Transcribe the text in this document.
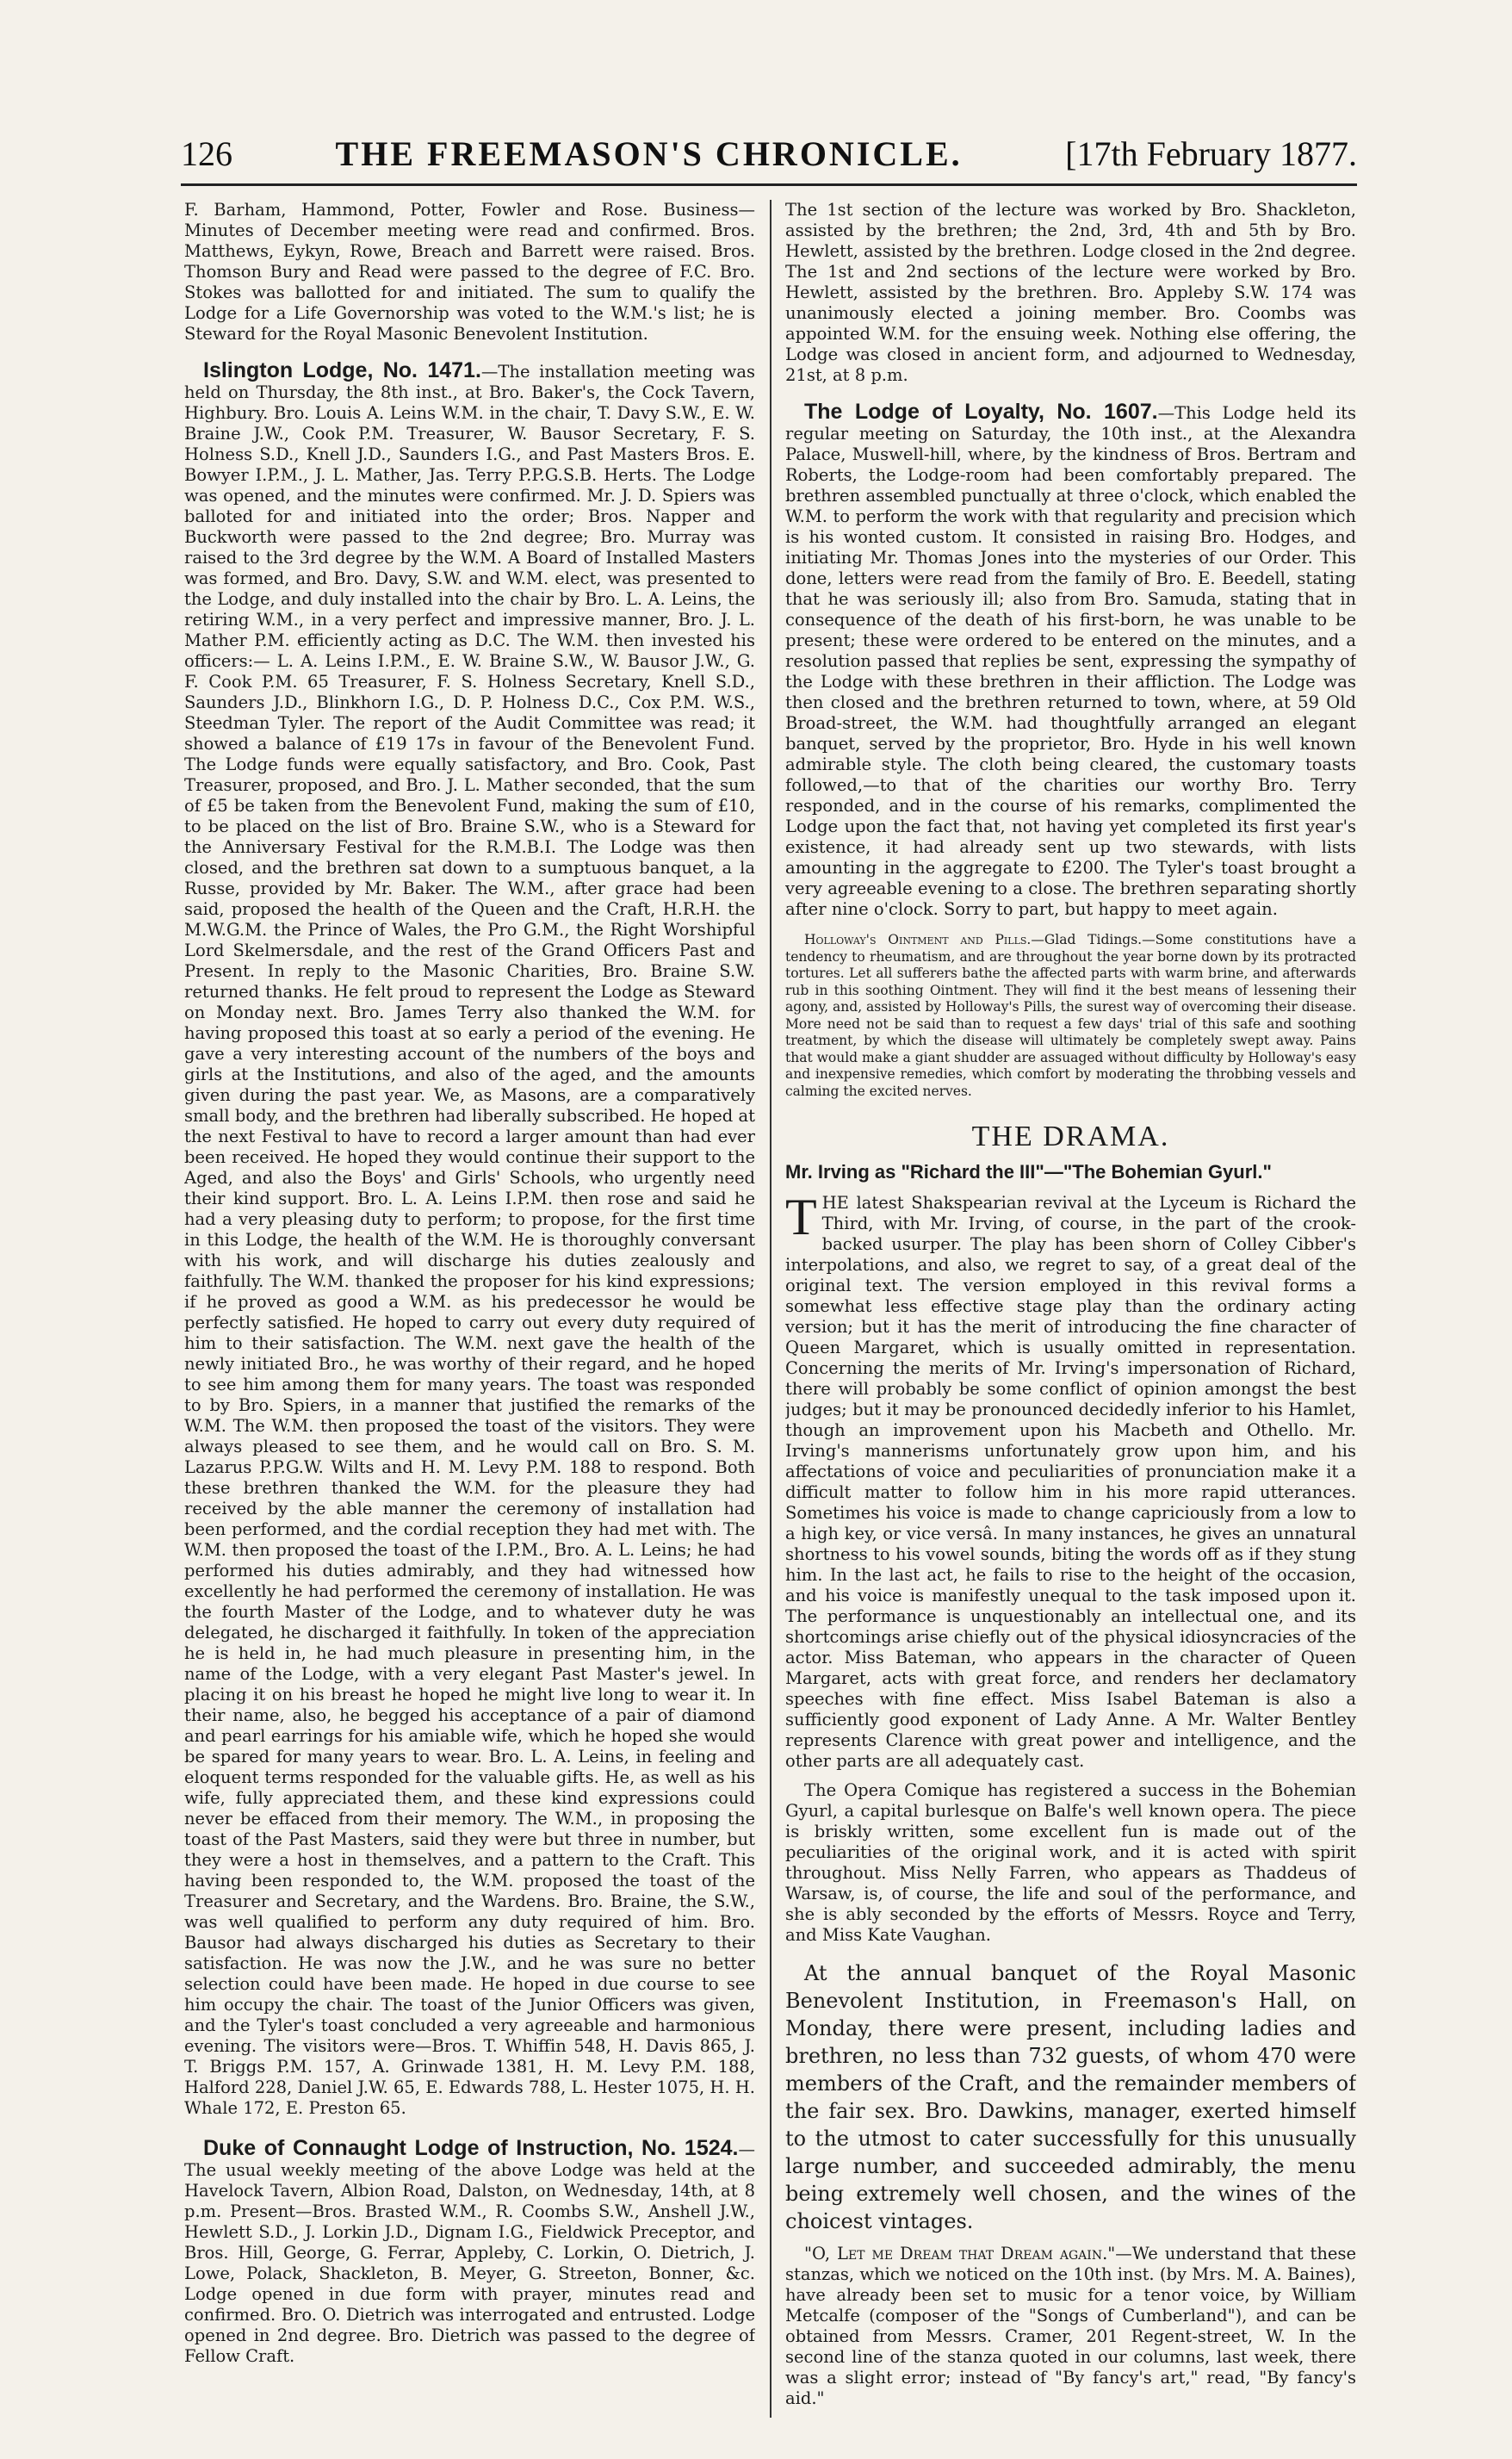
126	THE FREEMASON'S CHRONICLE.	[17th February 1877.

F. Barham, Hammond, Potter, Fowler and Rose. Business—Minutes of December meeting were read and confirmed. Bros. Matthews, Eykyn, Rowe, Breach and Barrett were raised. Bros. Thomson Bury and Read were passed to the degree of F.C. Bro. Stokes was ballotted for and initiated. The sum to qualify the Lodge for a Life Governorship was voted to the W.M.'s list; he is Steward for the Royal Masonic Benevolent Institution.

Islington Lodge, No. 1471.—The installation meeting was held on Thursday, the 8th inst., at Bro. Baker's, the Cock Tavern, Highbury. Bro. Louis A. Leins W.M. in the chair, T. Davy S.W., E. W. Braine J.W., Cook P.M. Treasurer, W. Bausor Secretary, F. S. Holness S.D., Knell J.D., Saunders I.G., and Past Masters Bros. E. Bowyer I.P.M., J. L. Mather, Jas. Terry P.P.G.S.B. Herts. The Lodge was opened, and the minutes were confirmed. Mr. J. D. Spiers was balloted for and initiated into the order; Bros. Napper and Buckworth were passed to the 2nd degree; Bro. Murray was raised to the 3rd degree by the W.M. A Board of Installed Masters was formed, and Bro. Davy, S.W. and W.M. elect, was presented to the Lodge, and duly installed into the chair by Bro. L. A. Leins, the retiring W.M., in a very perfect and impressive manner, Bro. J. L. Mather P.M. efficiently acting as D.C. The W.M. then invested his officers:— L. A. Leins I.P.M., E. W. Braine S.W., W. Bausor J.W., G. F. Cook P.M. 65 Treasurer, F. S. Holness Secretary, Knell S.D., Saunders J.D., Blinkhorn I.G., D. P. Holness D.C., Cox P.M. W.S., Steedman Tyler. The report of the Audit Committee was read; it showed a balance of £19 17s in favour of the Benevolent Fund. The Lodge funds were equally satisfactory, and Bro. Cook, Past Treasurer, proposed, and Bro. J. L. Mather seconded, that the sum of £5 be taken from the Benevolent Fund, making the sum of £10, to be placed on the list of Bro. Braine S.W., who is a Steward for the Anniversary Festival for the R.M.B.I. The Lodge was then closed, and the brethren sat down to a sumptuous banquet, a la Russe, provided by Mr. Baker. The W.M., after grace had been said, proposed the health of the Queen and the Craft, H.R.H. the M.W.G.M. the Prince of Wales, the Pro G.M., the Right Worshipful Lord Skelmersdale, and the rest of the Grand Officers Past and Present. In reply to the Masonic Charities, Bro. Braine S.W. returned thanks. He felt proud to represent the Lodge as Steward on Monday next. Bro. James Terry also thanked the W.M. for having proposed this toast at so early a period of the evening. He gave a very interesting account of the numbers of the boys and girls at the Institutions, and also of the aged, and the amounts given during the past year. We, as Masons, are a comparatively small body, and the brethren had liberally subscribed. He hoped at the next Festival to have to record a larger amount than had ever been received. He hoped they would continue their support to the Aged, and also the Boys' and Girls' Schools, who urgently need their kind support. Bro. L. A. Leins I.P.M. then rose and said he had a very pleasing duty to perform; to propose, for the first time in this Lodge, the health of the W.M. He is thoroughly conversant with his work, and will discharge his duties zealously and faithfully. The W.M. thanked the proposer for his kind expressions; if he proved as good a W.M. as his predecessor he would be perfectly satisfied. He hoped to carry out every duty required of him to their satisfaction. The W.M. next gave the health of the newly initiated Bro., he was worthy of their regard, and he hoped to see him among them for many years. The toast was responded to by Bro. Spiers, in a manner that justified the remarks of the W.M. The W.M. then proposed the toast of the visitors. They were always pleased to see them, and he would call on Bro. S. M. Lazarus P.P.G.W. Wilts and H. M. Levy P.M. 188 to respond. Both these brethren thanked the W.M. for the pleasure they had received by the able manner the ceremony of installation had been performed, and the cordial reception they had met with. The W.M. then proposed the toast of the I.P.M., Bro. A. L. Leins; he had performed his duties admirably, and they had witnessed how excellently he had performed the ceremony of installation. He was the fourth Master of the Lodge, and to whatever duty he was delegated, he discharged it faithfully. In token of the appreciation he is held in, he had much pleasure in presenting him, in the name of the Lodge, with a very elegant Past Master's jewel. In placing it on his breast he hoped he might live long to wear it. In their name, also, he begged his acceptance of a pair of diamond and pearl earrings for his amiable wife, which he hoped she would be spared for many years to wear. Bro. L. A. Leins, in feeling and eloquent terms responded for the valuable gifts. He, as well as his wife, fully appreciated them, and these kind expressions could never be effaced from their memory. The W.M., in proposing the toast of the Past Masters, said they were but three in number, but they were a host in themselves, and a pattern to the Craft. This having been responded to, the W.M. proposed the toast of the Treasurer and Secretary, and the Wardens. Bro. Braine, the S.W., was well qualified to perform any duty required of him. Bro. Bausor had always discharged his duties as Secretary to their satisfaction. He was now the J.W., and he was sure no better selection could have been made. He hoped in due course to see him occupy the chair. The toast of the Junior Officers was given, and the Tyler's toast concluded a very agreeable and harmonious evening. The visitors were—Bros. T. Whiffin 548, H. Davis 865, J. T. Briggs P.M. 157, A. Grinwade 1381, H. M. Levy P.M. 188, Halford 228, Daniel J.W. 65, E. Edwards 788, L. Hester 1075, H. H. Whale 172, E. Preston 65.

Duke of Connaught Lodge of Instruction, No. 1524.—The usual weekly meeting of the above Lodge was held at the Havelock Tavern, Albion Road, Dalston, on Wednesday, 14th, at 8 p.m. Present—Bros. Brasted W.M., R. Coombs S.W., Anshell J.W., Hewlett S.D., J. Lorkin J.D., Dignam I.G., Fieldwick Preceptor, and Bros. Hill, George, G. Ferrar, Appleby, C. Lorkin, O. Dietrich, J. Lowe, Polack, Shackleton, B. Meyer, G. Streeton, Bonner, &c. Lodge opened in due form with prayer, minutes read and confirmed. Bro. O. Dietrich was interrogated and entrusted. Lodge opened in 2nd degree. Bro. Dietrich was passed to the degree of Fellow Craft.

The 1st section of the lecture was worked by Bro. Shackleton, assisted by the brethren; the 2nd, 3rd, 4th and 5th by Bro. Hewlett, assisted by the brethren. Lodge closed in the 2nd degree. The 1st and 2nd sections of the lecture were worked by Bro. Hewlett, assisted by the brethren. Bro. Appleby S.W. 174 was unanimously elected a joining member. Bro. Coombs was appointed W.M. for the ensuing week. Nothing else offering, the Lodge was closed in ancient form, and adjourned to Wednesday, 21st, at 8 p.m.

The Lodge of Loyalty, No. 1607.—This Lodge held its regular meeting on Saturday, the 10th inst., at the Alexandra Palace, Muswell-hill, where, by the kindness of Bros. Bertram and Roberts, the Lodge-room had been comfortably prepared. The brethren assembled punctually at three o'clock, which enabled the W.M. to perform the work with that regularity and precision which is his wonted custom. It consisted in raising Bro. Hodges, and initiating Mr. Thomas Jones into the mysteries of our Order. This done, letters were read from the family of Bro. E. Beedell, stating that he was seriously ill; also from Bro. Samuda, stating that in consequence of the death of his first-born, he was unable to be present; these were ordered to be entered on the minutes, and a resolution passed that replies be sent, expressing the sympathy of the Lodge with these brethren in their affliction. The Lodge was then closed and the brethren returned to town, where, at 59 Old Broad-street, the W.M. had thoughtfully arranged an elegant banquet, served by the proprietor, Bro. Hyde in his well known admirable style. The cloth being cleared, the customary toasts followed,—to that of the charities our worthy Bro. Terry responded, and in the course of his remarks, complimented the Lodge upon the fact that, not having yet completed its first year's existence, it had already sent up two stewards, with lists amounting in the aggregate to £200. The Tyler's toast brought a very agreeable evening to a close. The brethren separating shortly after nine o'clock. Sorry to part, but happy to meet again.

Holloway's Ointment and Pills.—Glad Tidings.—Some constitutions have a tendency to rheumatism, and are throughout the year borne down by its protracted tortures. Let all sufferers bathe the affected parts with warm brine, and afterwards rub in this soothing Ointment. They will find it the best means of lessening their agony, and, assisted by Holloway's Pills, the surest way of overcoming their disease. More need not be said than to request a few days' trial of this safe and soothing treatment, by which the disease will ultimately be completely swept away. Pains that would make a giant shudder are assuaged without difficulty by Holloway's easy and inexpensive remedies, which comfort by moderating the throbbing vessels and calming the excited nerves.

THE DRAMA.
Mr. Irving as "Richard the III"—"The Bohemian Gyurl."

THE latest Shakspearian revival at the Lyceum is Richard the Third, with Mr. Irving, of course, in the part of the crook-backed usurper. The play has been shorn of Colley Cibber's interpolations, and also, we regret to say, of a great deal of the original text. The version employed in this revival forms a somewhat less effective stage play than the ordinary acting version; but it has the merit of introducing the fine character of Queen Margaret, which is usually omitted in representation. Concerning the merits of Mr. Irving's impersonation of Richard, there will probably be some conflict of opinion amongst the best judges; but it may be pronounced decidedly inferior to his Hamlet, though an improvement upon his Macbeth and Othello. Mr. Irving's mannerisms unfortunately grow upon him, and his affectations of voice and peculiarities of pronunciation make it a difficult matter to follow him in his more rapid utterances. Sometimes his voice is made to change capriciously from a low to a high key, or vice versâ. In many instances, he gives an unnatural shortness to his vowel sounds, biting the words off as if they stung him. In the last act, he fails to rise to the height of the occasion, and his voice is manifestly unequal to the task imposed upon it. The performance is unquestionably an intellectual one, and its shortcomings arise chiefly out of the physical idiosyncracies of the actor. Miss Bateman, who appears in the character of Queen Margaret, acts with great force, and renders her declamatory speeches with fine effect. Miss Isabel Bateman is also a sufficiently good exponent of Lady Anne. A Mr. Walter Bentley represents Clarence with great power and intelligence, and the other parts are all adequately cast.

The Opera Comique has registered a success in the Bohemian Gyurl, a capital burlesque on Balfe's well known opera. The piece is briskly written, some excellent fun is made out of the peculiarities of the original work, and it is acted with spirit throughout. Miss Nelly Farren, who appears as Thaddeus of Warsaw, is, of course, the life and soul of the performance, and she is ably seconded by the efforts of Messrs. Royce and Terry, and Miss Kate Vaughan.

At the annual banquet of the Royal Masonic Benevolent Institution, in Freemason's Hall, on Monday, there were present, including ladies and brethren, no less than 732 guests, of whom 470 were members of the Craft, and the remainder members of the fair sex. Bro. Dawkins, manager, exerted himself to the utmost to cater successfully for this unusually large number, and succeeded admirably, the menu being extremely well chosen, and the wines of the choicest vintages.

"O, Let me Dream that Dream again."—We understand that these stanzas, which we noticed on the 10th inst. (by Mrs. M. A. Baines), have already been set to music for a tenor voice, by William Metcalfe (composer of the "Songs of Cumberland"), and can be obtained from Messrs. Cramer, 201 Regent-street, W. In the second line of the stanza quoted in our columns, last week, there was a slight error; instead of "By fancy's art," read, "By fancy's aid."
